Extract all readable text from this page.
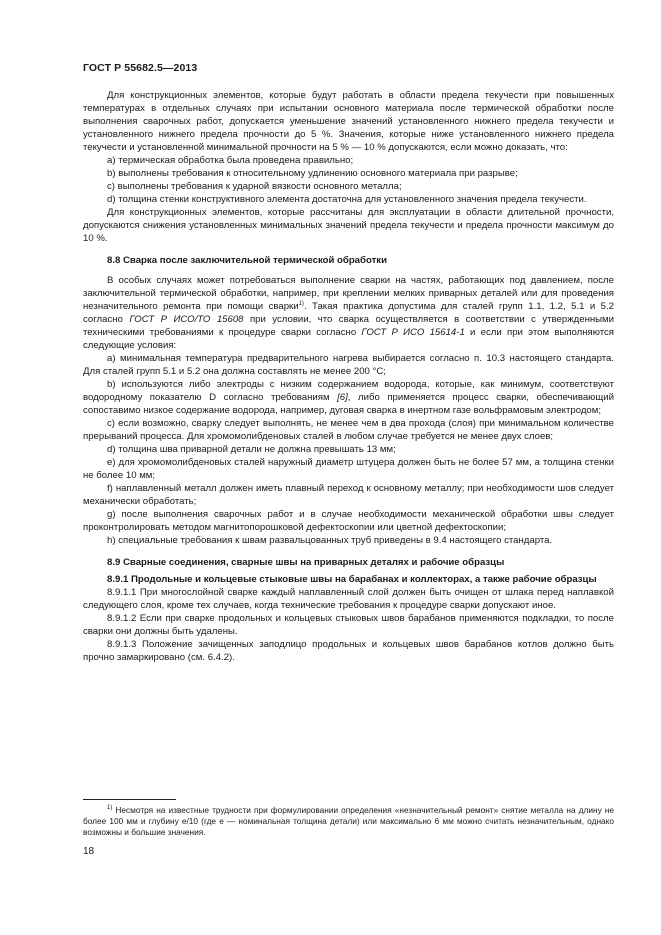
ГОСТ Р 55682.5—2013

Для конструкционных элементов, которые будут работать в области предела текучести при повышенных температурах в отдельных случаях при испытании основного материала после термической обработки после выполнения сварочных работ, допускается уменьшение значений установленного нижнего предела текучести и установленного нижнего предела прочности до 5 %. Значения, которые ниже установленного нижнего предела текучести и установленной минимальной прочности на 5 % — 10 % допускаются, если можно доказать, что:

а) термическая обработка была проведена правильно;

b) выполнены требования к относительному удлинению основного материала при разрыве;

c) выполнены требования к ударной вязкости основного металла;

d) толщина стенки конструктивного элемента достаточна для установленного значения предела текучести.

Для конструкционных элементов, которые рассчитаны для эксплуатации в области длительной прочности, допускаются снижения установленных минимальных значений предела текучести и предела прочности максимум до 10 %.

8.8 Сварка после заключительной термической обработки

В особых случаях может потребоваться выполнение сварки на частях, работающих под давлением, после заключительной термической обработки, например, при креплении мелких приварных деталей или для проведения незначительного ремонта при помощи сварки$^{1)}$. Такая практика допустима для сталей групп 1.1, 1.2, 5.1 и 5.2 согласно ГОСТ Р ИСО/ТО 15608 при условии, что сварка осуществляется в соответствии с утвержденными техническими требованиями к процедуре сварки согласно ГОСТ Р ИСО 15614-1 и если при этом выполняются следующие условия:

а) минимальная температура предварительного нагрева выбирается согласно п. 10.3 настоящего стандарта. Для сталей групп 5.1 и 5.2 она должна составлять не менее 200 °С;

b) используются либо электроды с низким содержанием водорода, которые, как минимум, соответствуют водородному показателю D согласно требованиям [6], либо применяется процесс сварки, обеспечивающий сопоставимо низкое содержание водорода, например, дуговая сварка в инертном газе вольфрамовым электродом;

c) если возможно, сварку следует выполнять, не менее чем в два прохода (слоя) при минимальном количестве прерываний процесса. Для хромомолибденовых сталей в любом случае требуется не менее двух слоев;

d) толщина шва приварной детали не должна превышать 13 мм;

e) для хромомолибденовых сталей наружный диаметр штуцера должен быть не более 57 мм, а толщина стенки не более 10 мм;

f) наплавленный металл должен иметь плавный переход к основному металлу; при необходимости шов следует механически обработать;

g) после выполнения сварочных работ и в случае необходимости механической обработки швы следует проконтролировать методом магнитопорошковой дефектоскопии или цветной дефектоскопии;

h) специальные требования к швам развальцованных труб приведены в 9.4 настоящего стандарта.

8.9 Сварные соединения, сварные швы на приварных деталях и рабочие образцы
8.9.1 Продольные и кольцевые стыковые швы на барабанах и коллекторах, а также рабочие образцы

8.9.1.1 При многослойной сварке каждый наплавленный слой должен быть очищен от шлака перед наплавкой следующего слоя, кроме тех случаев, когда технические требования к процедуре сварки допускают иное.

8.9.1.2 Если при сварке продольных и кольцевых стыковых швов барабанов применяются подкладки, то после сварки они должны быть удалены.

8.9.1.3 Положение зачищенных заподлицо продольных и кольцевых швов барабанов котлов должно быть прочно замаркировано (см. 6.4.2).

$^{1)}$ Несмотря на известные трудности при формулировании определения «незначительный ремонт» снятие металла на длину не более 100 мм и глубину e/10 (где e — номинальная толщина детали) или максимально 6 мм можно считать незначительным, однако возможны и большие значения.
18
